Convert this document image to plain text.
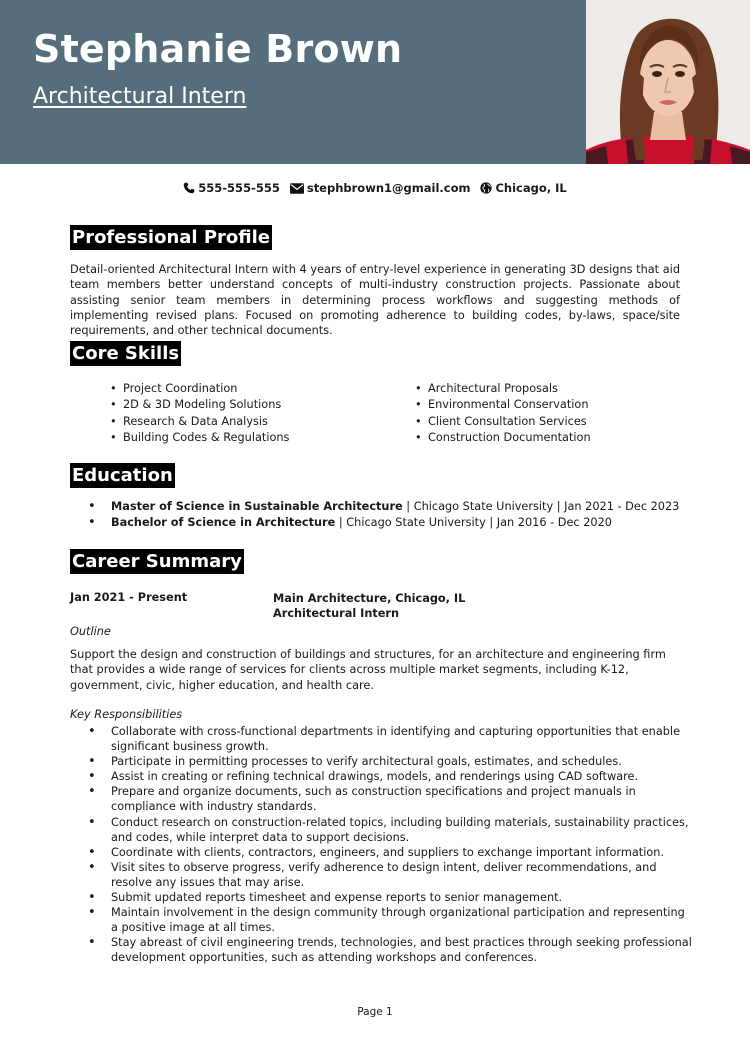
Stephanie Brown
Architectural Intern
555-555-555 stephbrown1@gmail.com Chicago, IL
Professional Profile

Detail-oriented Architectural Intern with 4 years of entry-level experience in generating 3D designs that aid team members better understand concepts of multi-industry construction projects. Passionate about assisting senior team members in determining process workflows and suggesting methods of implementing revised plans. Focused on promoting adherence to building codes, by-laws, space/site requirements, and other technical documents.

Core Skills
• Project Coordination
• 2D & 3D Modeling Solutions
• Research & Data Analysis
• Building Codes & Regulations
• Architectural Proposals
• Environmental Conservation
• Client Consultation Services
• Construction Documentation
Education
• Master of Science in Sustainable Architecture | Chicago State University | Jan 2021 - Dec 2023
• Bachelor of Science in Architecture | Chicago State University | Jan 2016 - Dec 2020
Career Summary
Jan 2021 - Present	Main Architecture, Chicago, IL
Architectural Intern
Outline

Support the design and construction of buildings and structures, for an architecture and engineering firm that provides a wide range of services for clients across multiple market segments, including K-12, government, civic, higher education, and health care.

Key Responsibilities
• Collaborate with cross-functional departments in identifying and capturing opportunities that enable significant business growth.
• Participate in permitting processes to verify architectural goals, estimates, and schedules.
• Assist in creating or refining technical drawings, models, and renderings using CAD software.
• Prepare and organize documents, such as construction specifications and project manuals in compliance with industry standards.
• Conduct research on construction-related topics, including building materials, sustainability practices, and codes, while interpret data to support decisions.
• Coordinate with clients, contractors, engineers, and suppliers to exchange important information.
• Visit sites to observe progress, verify adherence to design intent, deliver recommendations, and resolve any issues that may arise.
• Submit updated reports timesheet and expense reports to senior management.
• Maintain involvement in the design community through organizational participation and representing a positive image at all times.
• Stay abreast of civil engineering trends, technologies, and best practices through seeking professional development opportunities, such as attending workshops and conferences.
Page 1
